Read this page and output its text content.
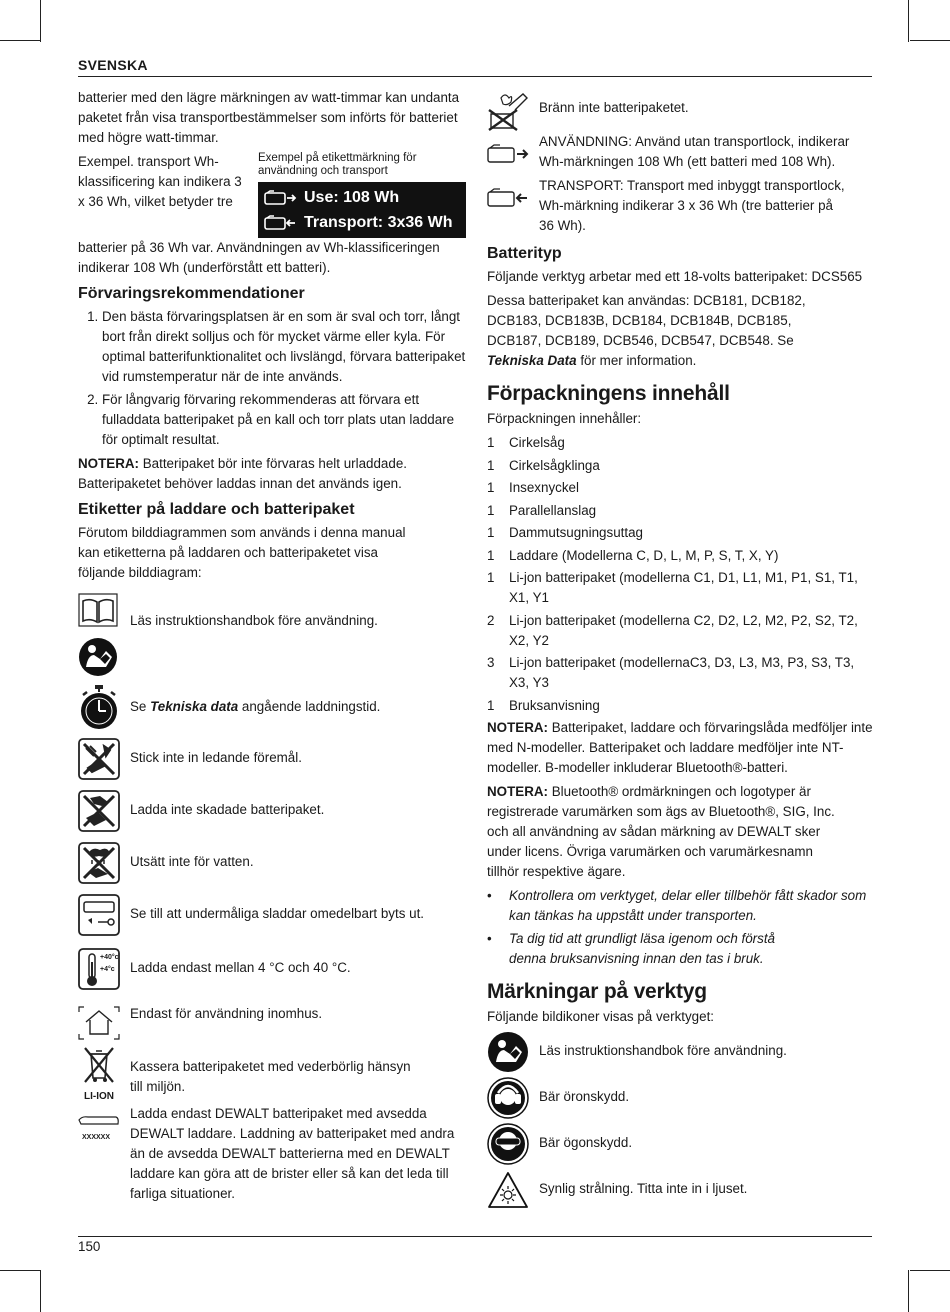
SVENSKA

batterier med den lägre märkningen av watt-timmar kan undanta paketet från visa transportbestämmelser som införts för batteriet med högre watt-timmar.

Exempel. transport Wh-klassificering kan indikera 3 x 36 Wh, vilket betyder tre
Exempel på etikettmärkning för användning och transport
Use: 108 Wh
Transport: 3x36 Wh

batterier på 36 Wh var. Användningen av Wh-klassificeringen indikerar 108 Wh (underförstått ett batteri).

Förvaringsrekommendationer
1. Den bästa förvaringsplatsen är en som är sval och torr, långt bort från direkt solljus och för mycket värme eller kyla. För optimal batterifunktionalitet och livslängd, förvara batteripaket vid rumstemperatur när de inte används.
2. För långvarig förvaring rekommenderas att förvara ett fulladdata batteripaket på en kall och torr plats utan laddare för optimalt resultat.

NOTERA: Batteripaket bör inte förvaras helt urladdade. Batteripaketet behöver laddas innan det används igen.

Etiketter på laddare och batteripaket

Förutom bilddiagrammen som används i denna manual kan etiketterna på laddaren och batteripaketet visa följande bilddiagram:

Läs instruktionshandbok före användning.
Se Tekniska data angående laddningstid.
Stick inte in ledande föremål.
Ladda inte skadade batteripaket.
Utsätt inte för vatten.
Se till att undermåliga sladdar omedelbart byts ut.
+40°c
+4°c Ladda endast mellan 4 °C och 40 °C.
Endast för användning inomhus.
LI-ION
Kassera batteripaketet med vederbörlig hänsyn till miljön.
XXXXXX
Ladda endast DEWALT batteripaket med avsedda DEWALT laddare. Laddning av batteripaket med andra än de avsedda DEWALT batterierna med en DEWALT laddare kan göra att de brister eller så kan det leda till farliga situationer.
Bränn inte batteripaketet.
ANVÄNDNING: Använd utan transportlock, indikerar Wh-märkningen 108 Wh (ett batteri med 108 Wh).
TRANSPORT: Transport med inbyggt transportlock, Wh-märkning indikerar 3 x 36 Wh (tre batterier på 36 Wh).
Batterityp

Följande verktyg arbetar med ett 18-volts batteripaket: DCS565

Dessa batteripaket kan användas: DCB181, DCB182, DCB183, DCB183B, DCB184, DCB184B, DCB185, DCB187, DCB189, DCB546, DCB547, DCB548. Se Tekniska Data för mer information.

Förpackningens innehåll

Förpackningen innehåller:

1	Cirkelsåg
1	Cirkelsågklinga
1	Insexnyckel
1	Parallellanslag
1	Dammutsugningsuttag
1	Laddare (Modellerna C, D, L, M, P, S, T, X, Y)
1	Li-jon batteripaket (modellerna C1, D1, L1, M1, P1, S1, T1, X1, Y1
2	Li-jon batteripaket (modellerna C2, D2, L2, M2, P2, S2, T2, X2, Y2
3	Li-jon batteripaket (modellernaC3, D3, L3, M3, P3, S3, T3, X3, Y3
1	Bruksanvisning

NOTERA: Batteripaket, laddare och förvaringslåda medföljer inte med N-modeller. Batteripaket och laddare medföljer inte NT-modeller. B-modeller inkluderar Bluetooth®-batteri.

NOTERA: Bluetooth® ordmärkningen och logotyper är registrerade varumärken som ägs av Bluetooth®, SIG, Inc. och all användning av sådan märkning av DEWALT sker under licens. Övriga varumärken och varumärkesnamn tillhör respektive ägare.

•	Kontrollera om verktyget, delar eller tillbehör fått skador som kan tänkas ha uppstått under transporten.
•	Ta dig tid att grundligt läsa igenom och förstå denna bruksanvisning innan den tas i bruk.
Märkningar på verktyg

Följande bildikoner visas på verktyget:

Läs instruktionshandbok före användning.
Bär öronskydd.
Bär ögonskydd.
Synlig strålning. Titta inte in i ljuset.
150
